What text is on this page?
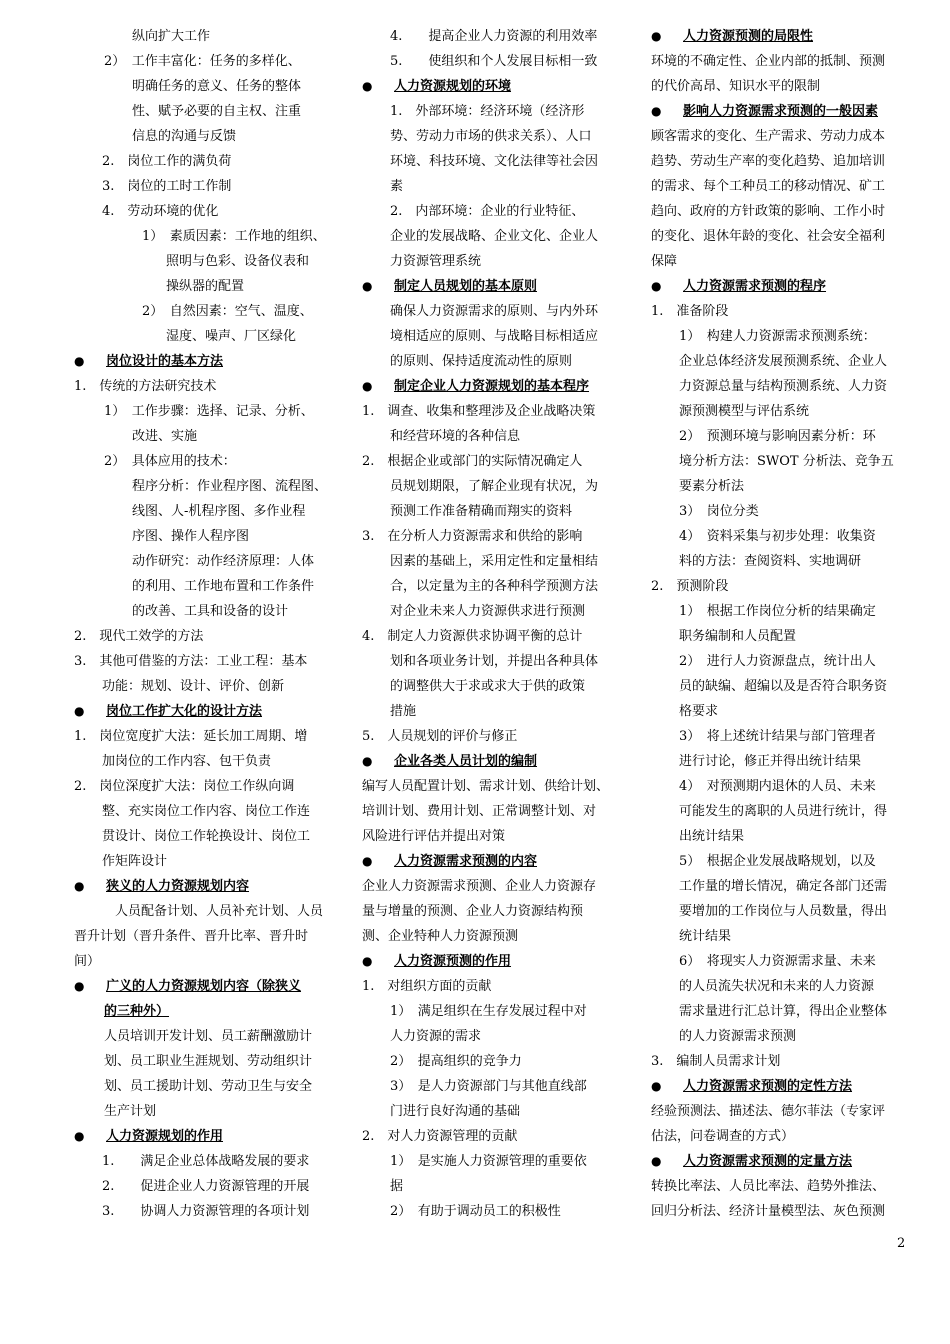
纵向扩大工作
2）　工作丰富化：任务的多样化、
明确任务的意义、任务的整体
性、赋予必要的自主权、注重
信息的沟通与反馈
2.　岗位工作的满负荷
3.　岗位的工时工作制
4.　劳动环境的优化
1）　素质因素：工作地的组织、
照明与色彩、设备仪表和
操纵器的配置
2）　自然因素：空气、温度、
湿度、噪声、厂区绿化
● 岗位设计的基本方法
1.　传统的方法研究技术
1）　工作步骤：选择、记录、分析、
改进、实施
2）　具体应用的技术：
程序分析：作业程序图、流程图、
线图、人-机程序图、多作业程
序图、操作人程序图
动作研究：动作经济原理：人体
的利用、工作地布置和工作条件
的改善、工具和设备的设计
2.　现代工效学的方法
3.　其他可借鉴的方法：工业工程：基本
功能：规划、设计、评价、创新
● 岗位工作扩大化的设计方法
1.　岗位宽度扩大法：延长加工周期、增
加岗位的工作内容、包干负责
2.　岗位深度扩大法：岗位工作纵向调
整、充实岗位工作内容、岗位工作连
贯设计、岗位工作轮换设计、岗位工
作矩阵设计
● 狭义的人力资源规划内容
　人员配备计划、人员补充计划、人员
晋升计划（晋升条件、晋升比率、晋升时
间）
● 广义的人力资源规划内容（除狭义
的三种外）
人员培训开发计划、员工薪酬激励计
划、员工职业生涯规划、劳动组织计
划、员工援助计划、劳动卫生与安全
生产计划
● 人力资源规划的作用
1.　　满足企业总体战略发展的要求
2.　　促进企业人力资源管理的开展
3.　　协调人力资源管理的各项计划
4.　　提高企业人力资源的利用效率
5.　　使组织和个人发展目标相一致
● 人力资源规划的环境
1.　外部环境：经济环境（经济形
势、劳动力市场的供求关系）、人口
环境、科技环境、文化法律等社会因
素
2.　内部环境：企业的行业特征、
企业的发展战略、企业文化、企业人
力资源管理系统
● 制定人员规划的基本原则
确保人力资源需求的原则、与内外环
境相适应的原则、与战略目标相适应
的原则、保持适度流动性的原则
● 制定企业人力资源规划的基本程序
1.　调查、收集和整理涉及企业战略决策
和经营环境的各种信息
2.　根据企业或部门的实际情况确定人
员规划期限，了解企业现有状况，为
预测工作准备精确而翔实的资料
3.　在分析人力资源需求和供给的影响
因素的基础上，采用定性和定量相结
合，以定量为主的各种科学预测方法
对企业未来人力资源供求进行预测
4.　制定人力资源供求协调平衡的总计
划和各项业务计划，并提出各种具体
的调整供大于求或求大于供的政策
措施
5.　人员规划的评价与修正
● 企业各类人员计划的编制
编写人员配置计划、需求计划、供给计划、
培训计划、费用计划、正常调整计划、对
风险进行评估并提出对策
● 人力资源需求预测的内容
企业人力资源需求预测、企业人力资源存
量与增量的预测、企业人力资源结构预
测、企业特种人力资源预测
● 人力资源预测的作用
1.　对组织方面的贡献
1）　满足组织在生存发展过程中对
人力资源的需求
2）　提高组织的竞争力
3）　是人力资源部门与其他直线部
门进行良好沟通的基础
2.　对人力资源管理的贡献
1）　是实施人力资源管理的重要依
据
2）　有助于调动员工的积极性
● 人力资源预测的局限性
环境的不确定性、企业内部的抵制、预测
的代价高昂、知识水平的限制
● 影响人力资源需求预测的一般因素
顾客需求的变化、生产需求、劳动力成本
趋势、劳动生产率的变化趋势、追加培训
的需求、每个工种员工的移动情况、矿工
趋向、政府的方针政策的影响、工作小时
的变化、退休年龄的变化、社会安全福利
保障
● 人力资源需求预测的程序
1.　准备阶段
1）　构建人力资源需求预测系统：
企业总体经济发展预测系统、企业人
力资源总量与结构预测系统、人力资
源预测模型与评估系统
2）　预测环境与影响因素分析：环
境分析方法：SWOT 分析法、竞争五
要素分析法
3）　岗位分类
4）　资料采集与初步处理：收集资
料的方法：查阅资料、实地调研
2.　预测阶段
1）　根据工作岗位分析的结果确定
职务编制和人员配置
2）　进行人力资源盘点，统计出人
员的缺编、超编以及是否符合职务资
格要求
3）　将上述统计结果与部门管理者
进行讨论，修正并得出统计结果
4）　对预测期内退休的人员、未来
可能发生的离职的人员进行统计，得
出统计结果
5）　根据企业发展战略规划，以及
工作量的增长情况，确定各部门还需
要增加的工作岗位与人员数量，得出
统计结果
6）　将现实人力资源需求量、未来
的人员流失状况和未来的人力资源
需求量进行汇总计算，得出企业整体
的人力资源需求预测
3.　编制人员需求计划
● 人力资源需求预测的定性方法
经验预测法、描述法、德尔菲法（专家评
估法，问卷调查的方式）
● 人力资源需求预测的定量方法
转换比率法、人员比率法、趋势外推法、
回归分析法、经济计量模型法、灰色预测
2
